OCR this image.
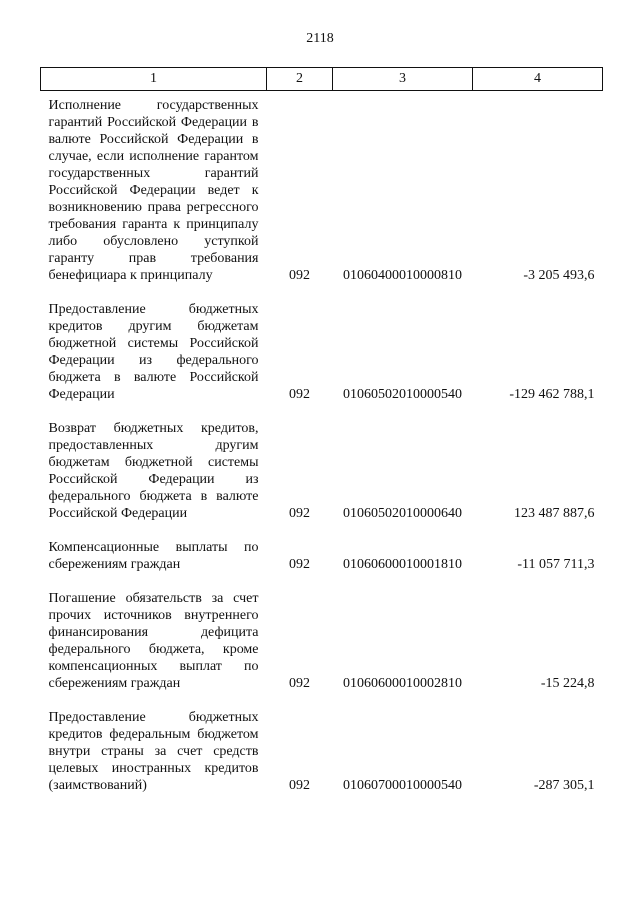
2118
1	2	3	4
Исполнение государственных гарантий Российской Федерации в валюте Российской Федерации в случае, если исполнение гарантом государственных гарантий Российской Федерации ведет к возникновению права регрессного требования гаранта к принципалу либо обусловлено уступкой гаранту прав требования бенефициара к принципалу	092	01060400010000810	-3 205 493,6
Предоставление бюджетных кредитов другим бюджетам бюджетной системы Российской Федерации из федерального бюджета в валюте Российской Федерации	092	01060502010000540	-129 462 788,1
Возврат бюджетных кредитов, предоставленных другим бюджетам бюджетной системы Российской Федерации из федерального бюджета в валюте Российской Федерации	092	01060502010000640	123 487 887,6
Компенсационные выплаты по сбережениям граждан	092	01060600010001810	-11 057 711,3
Погашение обязательств за счет прочих источников внутреннего финансирования дефицита федерального бюджета, кроме компенсационных выплат по сбережениям граждан	092	01060600010002810	-15 224,8
Предоставление бюджетных кредитов федеральным бюджетом внутри страны за счет средств целевых иностранных кредитов (заимствований)	092	01060700010000540	-287 305,1
